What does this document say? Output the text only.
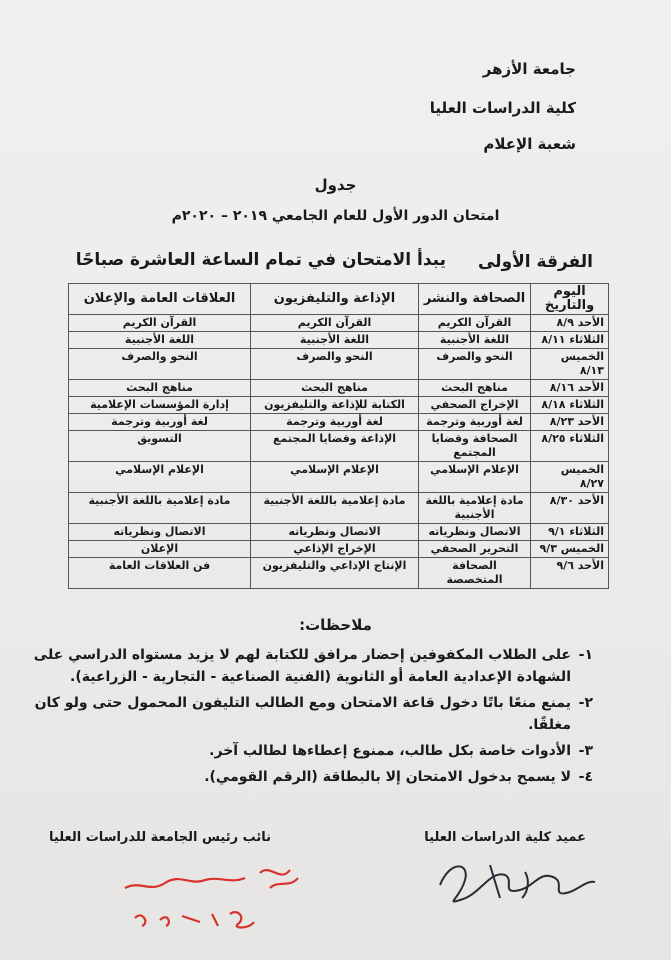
جامعة الأزهر
كلية الدراسات العليا
شعبة الإعلام
جدول
امتحان الدور الأول للعام الجامعي ٢٠١٩ – ٢٠٢٠م
الفرقة الأولى
يبدأ الامتحان في تمام الساعة العاشرة صباحًا
اليوم والتاريخ	الصحافة والنشر	الإذاعة والتليفزيون	العلاقات العامة والإعلان
الأحد ٨/٩	القرآن الكريم	القرآن الكريم	القرآن الكريم
الثلاثاء ٨/١١	اللغة الأجنبية	اللغة الأجنبية	اللغة الأجنبية
الخميس ٨/١٣	النحو والصرف	النحو والصرف	النحو والصرف
الأحد ٨/١٦	مناهج البحث	مناهج البحث	مناهج البحث
الثلاثاء ٨/١٨	الإخراج الصحفي	الكتابة للإذاعة والتليفزيون	إدارة المؤسسات الإعلامية
الأحد ٨/٢٣	لغة أوربية وترجمة	لغة أوربية وترجمة	لغة أوربية وترجمة
الثلاثاء ٨/٢٥	الصحافة وقضايا المجتمع	الإذاعة وقضايا المجتمع	التسويق
الخميس ٨/٢٧	الإعلام الإسلامي	الإعلام الإسلامي	الإعلام الإسلامي
الأحد ٨/٣٠	مادة إعلامية باللغة الأجنبية	مادة إعلامية باللغة الأجنبية	مادة إعلامية باللغة الأجنبية
الثلاثاء ٩/١	الاتصال ونظرياته	الاتصال ونظرياته	الاتصال ونظرياته
الخميس ٩/٣	التحرير الصحفي	الإخراج الإذاعي	الإعلان
الأحد ٩/٦	الصحافة المتخصصة	الإنتاج الإذاعي والتليفزيون	فن العلاقات العامة
ملاحظات:
١-
على الطلاب المكفوفين إحضار مرافق للكتابة لهم لا يزيد مستواه الدراسي على الشهادة الإعدادية العامة أو الثانوية (الفنية الصناعية - التجارية - الزراعية).
٢-
يمنع منعًا باتًا دخول قاعة الامتحان ومع الطالب التليفون المحمول حتى ولو كان مغلقًا.
٣-
الأدوات خاصة بكل طالب، ممنوع إعطاءها لطالب آخر.
٤-
لا يسمح بدخول الامتحان إلا بالبطاقة (الرقم القومي).
عميد كلية الدراسات العليا
نائب رئيس الجامعة للدراسات العليا
